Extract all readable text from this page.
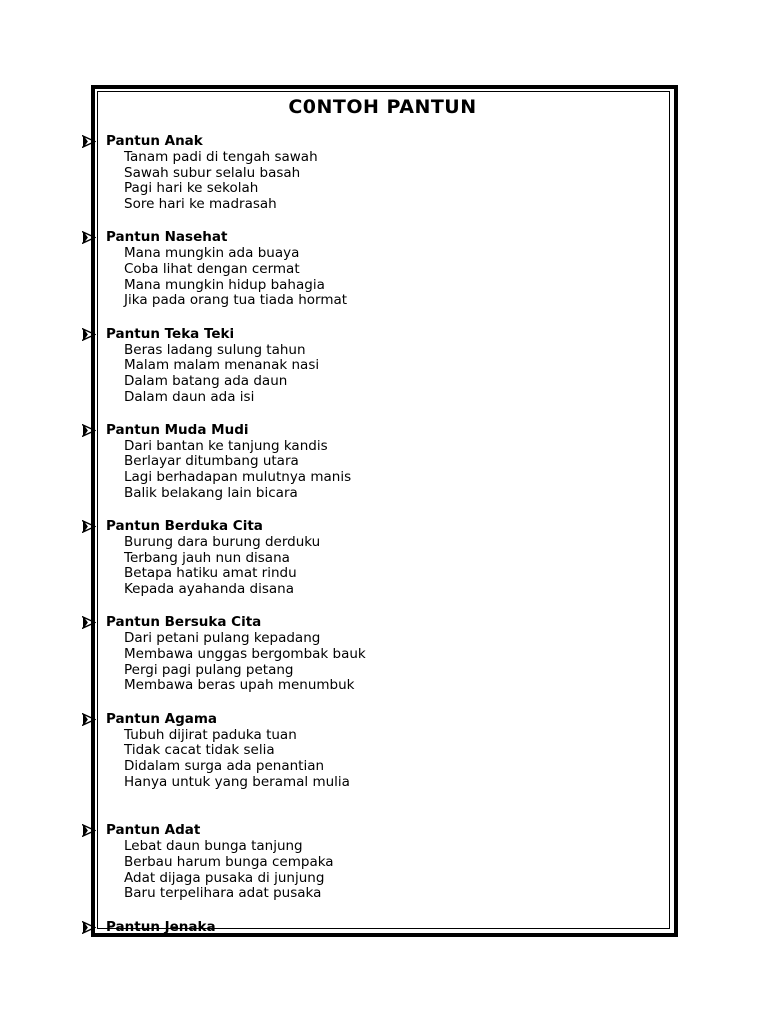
C0NTOH PANTUN
Pantun Anak
Tanam padi di tengah sawah
Sawah subur selalu basah
Pagi hari ke sekolah
Sore hari ke madrasah
Pantun Nasehat
Mana mungkin ada buaya
Coba lihat dengan cermat
Mana mungkin hidup bahagia
Jika pada orang tua tiada hormat
Pantun Teka Teki
Beras ladang sulung tahun
Malam malam menanak nasi
Dalam batang ada daun
Dalam daun ada isi
Pantun Muda Mudi
Dari bantan ke tanjung kandis
Berlayar ditumbang utara
Lagi berhadapan mulutnya manis
Balik belakang lain bicara
Pantun Berduka Cita
Burung dara burung derduku
Terbang jauh nun disana
Betapa hatiku amat rindu
Kepada ayahanda disana
Pantun Bersuka Cita
Dari petani pulang kepadang
Membawa unggas bergombak bauk
Pergi pagi pulang petang
Membawa beras upah menumbuk
Pantun Agama
Tubuh dijirat paduka tuan
Tidak cacat tidak selia
Didalam surga ada penantian
Hanya untuk yang beramal mulia
Pantun Adat
Lebat daun bunga tanjung
Berbau harum bunga cempaka
Adat dijaga pusaka di junjung
Baru terpelihara adat pusaka
Pantun Jenaka
